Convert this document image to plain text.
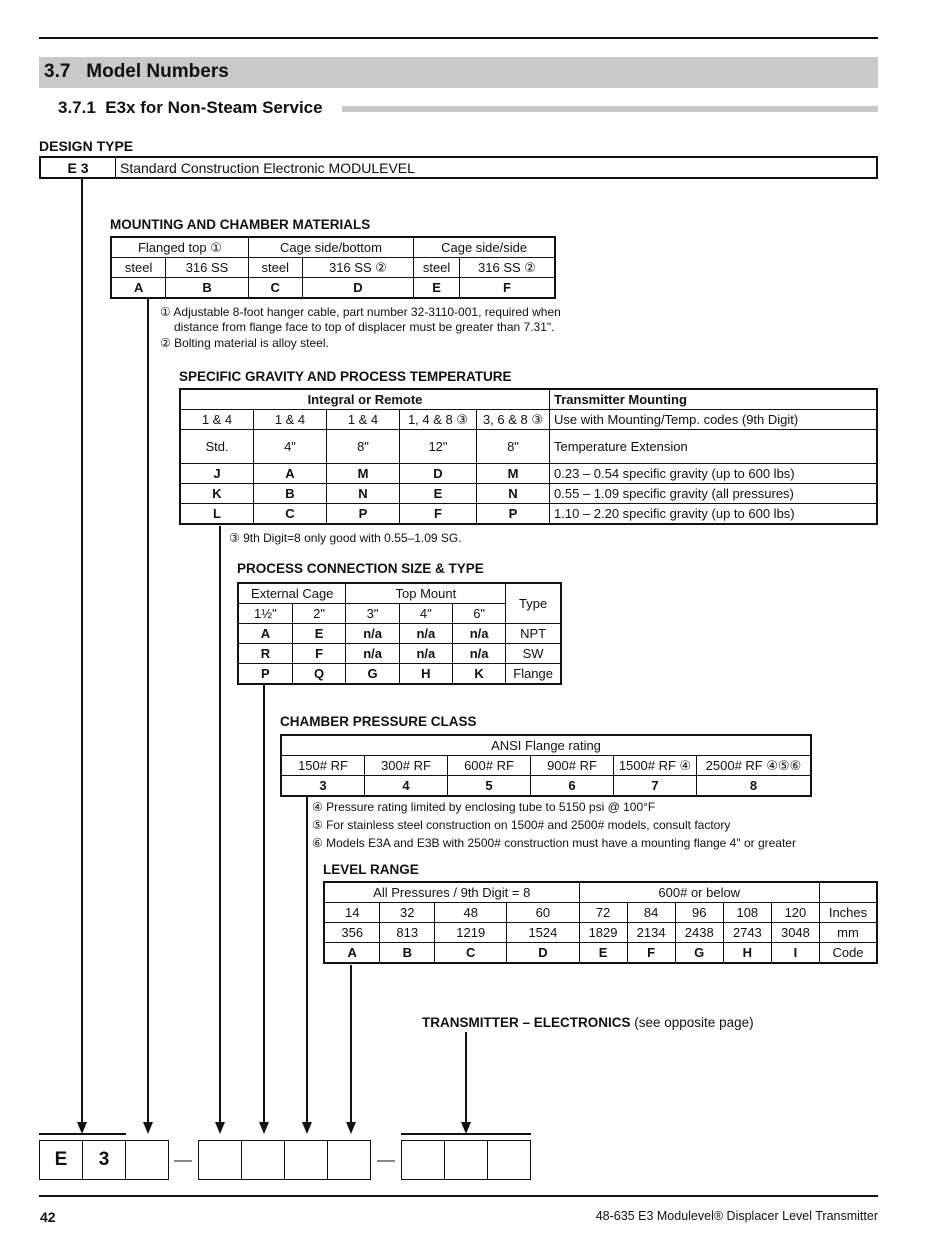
3.7 Model Numbers
3.7.1 E3x for Non-Steam Service
DESIGN TYPE
E 3	Standard Construction Electronic MODULEVEL
MOUNTING AND CHAMBER MATERIALS
Flanged top ①		Cage side/bottom		Cage side/side	
steel	316 SS	steel	316 SS ②	steel	316 SS ②
A	B	C	D	E	F
① Adjustable 8-foot hanger cable, part number 32-3110-001, required when
distance from flange face to top of displacer must be greater than 7.31".
② Bolting material is alloy steel.
SPECIFIC GRAVITY AND PROCESS TEMPERATURE
Integral or Remote					Transmitter Mounting
1 & 4	1 & 4	1 & 4	1, 4 & 8 ③	3, 6 & 8 ③	Use with Mounting/Temp. codes (9th Digit)
Std.	4"	8"	12"	8"	Temperature Extension
J	A	M	D	M	0.23 – 0.54 specific gravity (up to 600 lbs)
K	B	N	E	N	0.55 – 1.09 specific gravity (all pressures)
L	C	P	F	P	1.10 – 2.20 specific gravity (up to 600 lbs)
③ 9th Digit=8 only good with 0.55–1.09 SG.
PROCESS CONNECTION SIZE & TYPE
External Cage		Top Mount			Type
1½"	2"	3"	4"	6"	
A	E	n/a	n/a	n/a	NPT
R	F	n/a	n/a	n/a	SW
P	Q	G	H	K	Flange
CHAMBER PRESSURE CLASS
ANSI Flange rating					
150# RF	300# RF	600# RF	900# RF	1500# RF ④	2500# RF ④⑤⑥
3	4	5	6	7	8
④ Pressure rating limited by enclosing tube to 5150 psi @ 100°F
⑤ For stainless steel construction on 1500# and 2500# models, consult factory
⑥ Models E3A and E3B with 2500# construction must have a mounting flange 4" or greater
LEVEL RANGE
All Pressures / 9th Digit = 8				600# or below					
14	32	48	60	72	84	96	108	120	Inches
356	813	1219	1524	1829	2134	2438	2743	3048	mm
A	B	C	D	E	F	G	H	I	Code
TRANSMITTER – ELECTRONICS (see opposite page)
E	3
42	48-635 E3 Modulevel® Displacer Level Transmitter
